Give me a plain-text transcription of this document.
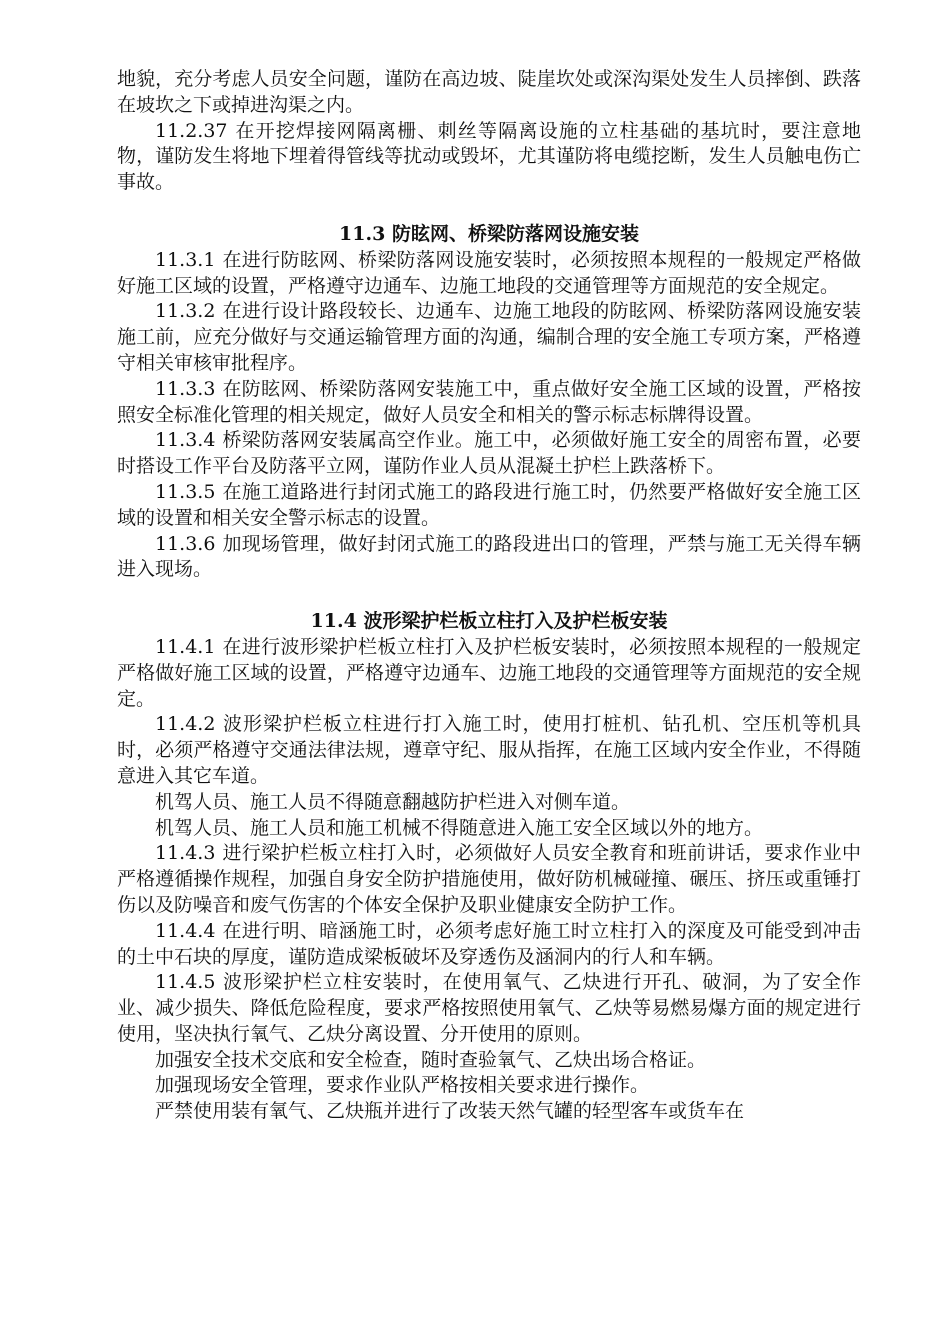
地貌，充分考虑人员安全问题，谨防在高边坡、陡崖坎处或深沟渠处发生人员摔倒、跌落在坡坎之下或掉进沟渠之内。

11.2.37 在开挖焊接网隔离栅、刺丝等隔离设施的立柱基础的基坑时，要注意地物，谨防发生将地下埋着得管线等扰动或毁坏，尤其谨防将电缆挖断，发生人员触电伤亡事故。

11.3 防眩网、桥梁防落网设施安装

11.3.1 在进行防眩网、桥梁防落网设施安装时，必须按照本规程的一般规定严格做好施工区域的设置，严格遵守边通车、边施工地段的交通管理等方面规范的安全规定。

11.3.2 在进行设计路段较长、边通车、边施工地段的防眩网、桥梁防落网设施安装施工前，应充分做好与交通运输管理方面的沟通，编制合理的安全施工专项方案，严格遵守相关审核审批程序。

11.3.3 在防眩网、桥梁防落网安装施工中，重点做好安全施工区域的设置，严格按照安全标准化管理的相关规定，做好人员安全和相关的警示标志标牌得设置。

11.3.4 桥梁防落网安装属高空作业。施工中，必须做好施工安全的周密布置，必要时搭设工作平台及防落平立网，谨防作业人员从混凝土护栏上跌落桥下。

11.3.5 在施工道路进行封闭式施工的路段进行施工时，仍然要严格做好安全施工区域的设置和相关安全警示标志的设置。

11.3.6 加现场管理，做好封闭式施工的路段进出口的管理，严禁与施工无关得车辆进入现场。

11.4 波形梁护栏板立柱打入及护栏板安装

11.4.1 在进行波形梁护栏板立柱打入及护栏板安装时，必须按照本规程的一般规定严格做好施工区域的设置，严格遵守边通车、边施工地段的交通管理等方面规范的安全规定。

11.4.2 波形梁护栏板立柱进行打入施工时，使用打桩机、钻孔机、空压机等机具时，必须严格遵守交通法律法规，遵章守纪、服从指挥，在施工区域内安全作业，不得随意进入其它车道。

机驾人员、施工人员不得随意翻越防护栏进入对侧车道。

机驾人员、施工人员和施工机械不得随意进入施工安全区域以外的地方。

11.4.3 进行梁护栏板立柱打入时，必须做好人员安全教育和班前讲话，要求作业中严格遵循操作规程，加强自身安全防护措施使用，做好防机械碰撞、碾压、挤压或重锤打伤以及防噪音和废气伤害的个体安全保护及职业健康安全防护工作。

11.4.4 在进行明、暗涵施工时，必须考虑好施工时立柱打入的深度及可能受到冲击的土中石块的厚度，谨防造成梁板破坏及穿透伤及涵洞内的行人和车辆。

11.4.5 波形梁护栏立柱安装时，在使用氧气、乙炔进行开孔、破洞，为了安全作业、减少损失、降低危险程度，要求严格按照使用氧气、乙炔等易燃易爆方面的规定进行使用，坚决执行氧气、乙炔分离设置、分开使用的原则。

加强安全技术交底和安全检查，随时查验氧气、乙炔出场合格证。

加强现场安全管理，要求作业队严格按相关要求进行操作。

严禁使用装有氧气、乙炔瓶并进行了改装天然气罐的轻型客车或货车在
